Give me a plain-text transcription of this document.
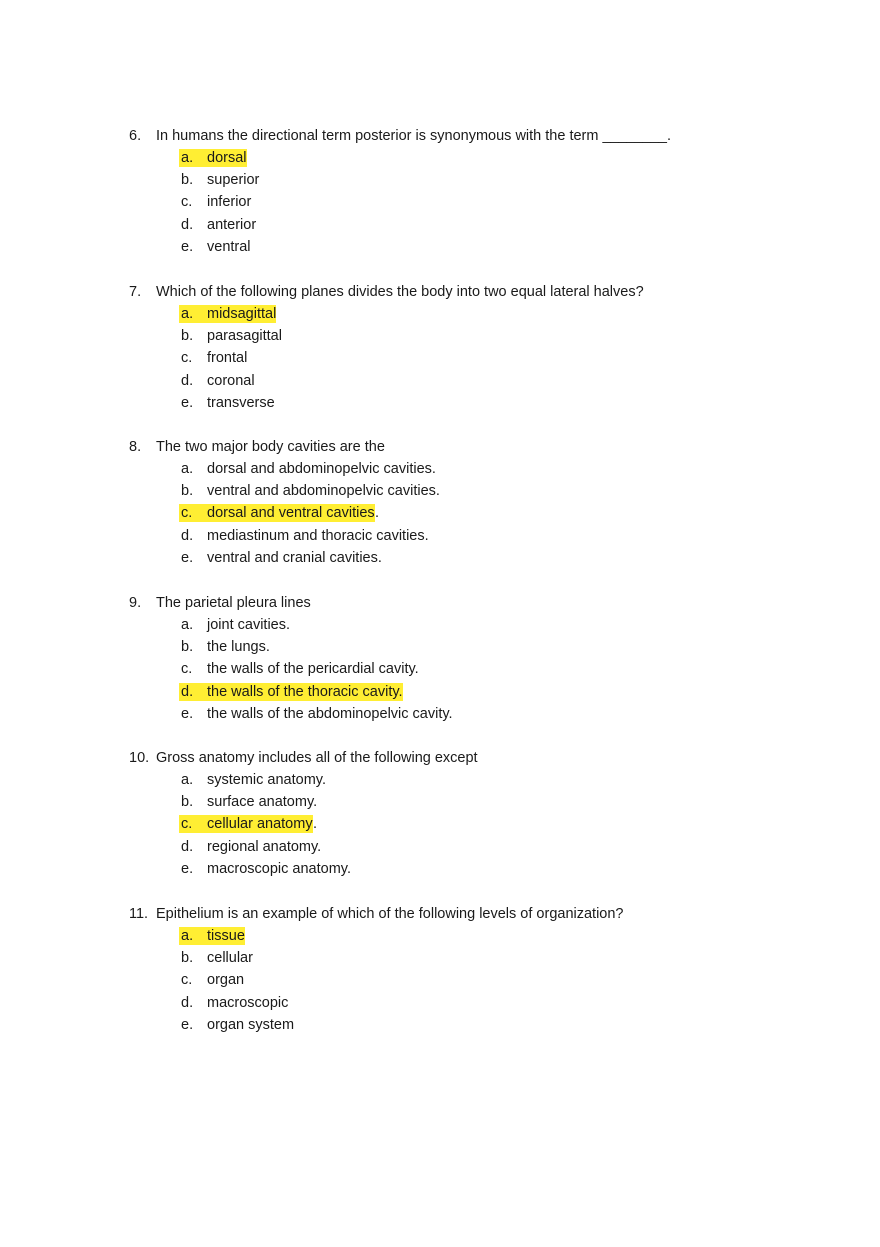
6. In humans the directional term posterior is synonymous with the term ________.
a. dorsal
b. superior
c. inferior
d. anterior
e. ventral
7. Which of the following planes divides the body into two equal lateral halves?
a. midsagittal
b. parasagittal
c. frontal
d. coronal
e. transverse
8. The two major body cavities are the
a. dorsal and abdominopelvic cavities.
b. ventral and abdominopelvic cavities.
c. dorsal and ventral cavities .
d. mediastinum and thoracic cavities.
e. ventral and cranial cavities.
9. The parietal pleura lines
a. joint cavities.
b. the lungs.
c. the walls of the pericardial cavity.
d. the walls of the thoracic cavity.
e. the walls of the abdominopelvic cavity.
10. Gross anatomy includes all of the following except
a. systemic anatomy.
b. surface anatomy.
c. cellular anatomy .
d. regional anatomy.
e. macroscopic anatomy.
11. Epithelium is an example of which of the following levels of organization?
a. tissue
b. cellular
c. organ
d. macroscopic
e. organ system
